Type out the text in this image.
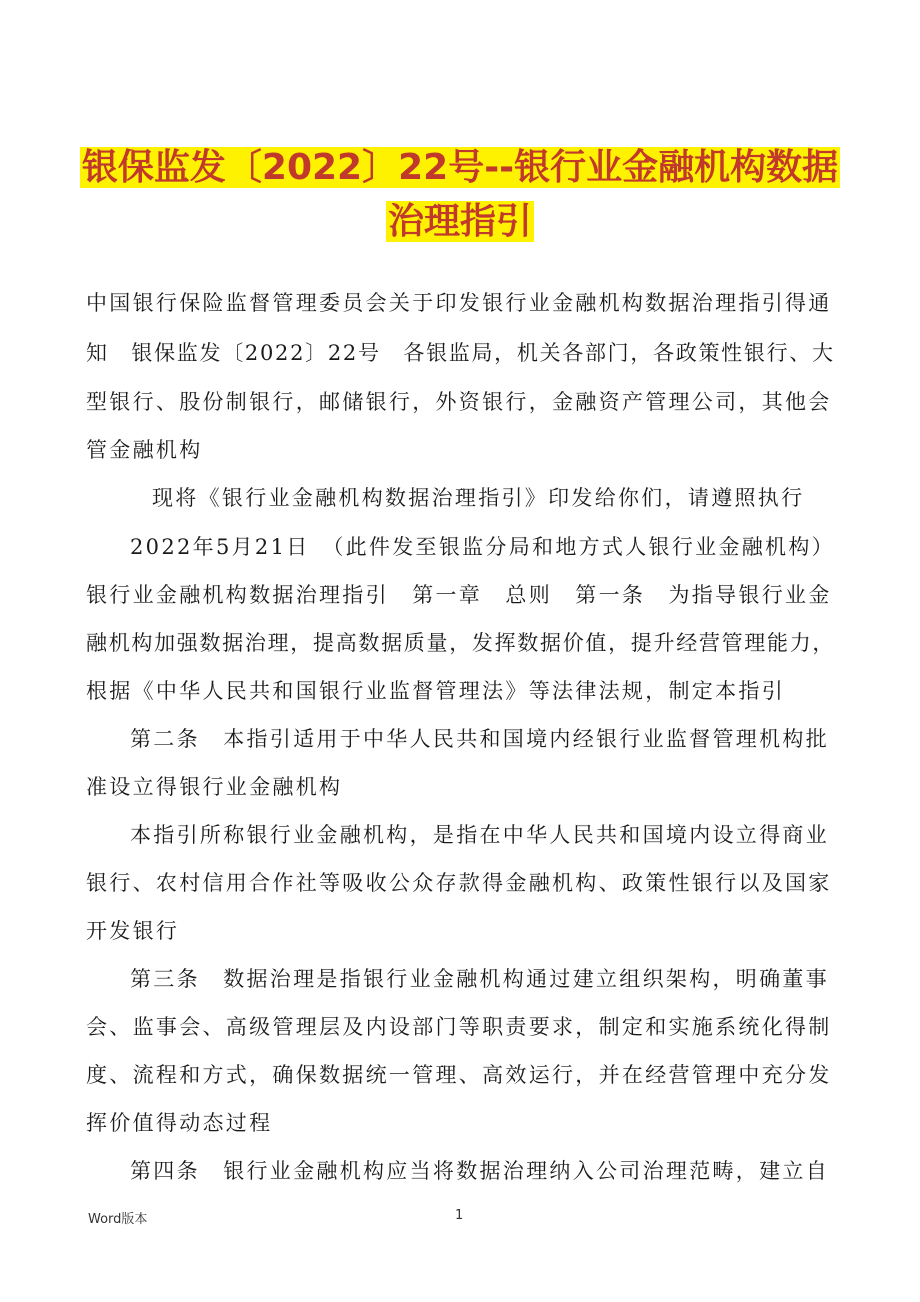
银保监发〔2022〕22号--银行业金融机构数据
治理指引

中国银行保险监督管理委员会关于印发银行业金融机构数据治理指引得通

知　银保监发〔2022〕22号　各银监局，机关各部门，各政策性银行、大

型银行、股份制银行，邮储银行，外资银行，金融资产管理公司，其他会

管金融机构

现将《银行业金融机构数据治理指引》印发给你们，请遵照执行

2022年5月21日　（此件发至银监分局和地方式人银行业金融机构）

银行业金融机构数据治理指引　第一章　总则　第一条　为指导银行业金

融机构加强数据治理，提高数据质量，发挥数据价值，提升经营管理能力，

根据《中华人民共和国银行业监督管理法》等法律法规，制定本指引

第二条　本指引适用于中华人民共和国境内经银行业监督管理机构批

准设立得银行业金融机构

本指引所称银行业金融机构，是指在中华人民共和国境内设立得商业

银行、农村信用合作社等吸收公众存款得金融机构、政策性银行以及国家

开发银行

第三条　数据治理是指银行业金融机构通过建立组织架构，明确董事

会、监事会、高级管理层及内设部门等职责要求，制定和实施系统化得制

度、流程和方式，确保数据统一管理、高效运行，并在经营管理中充分发

挥价值得动态过程

第四条　银行业金融机构应当将数据治理纳入公司治理范畴，建立自

Word版本	1
